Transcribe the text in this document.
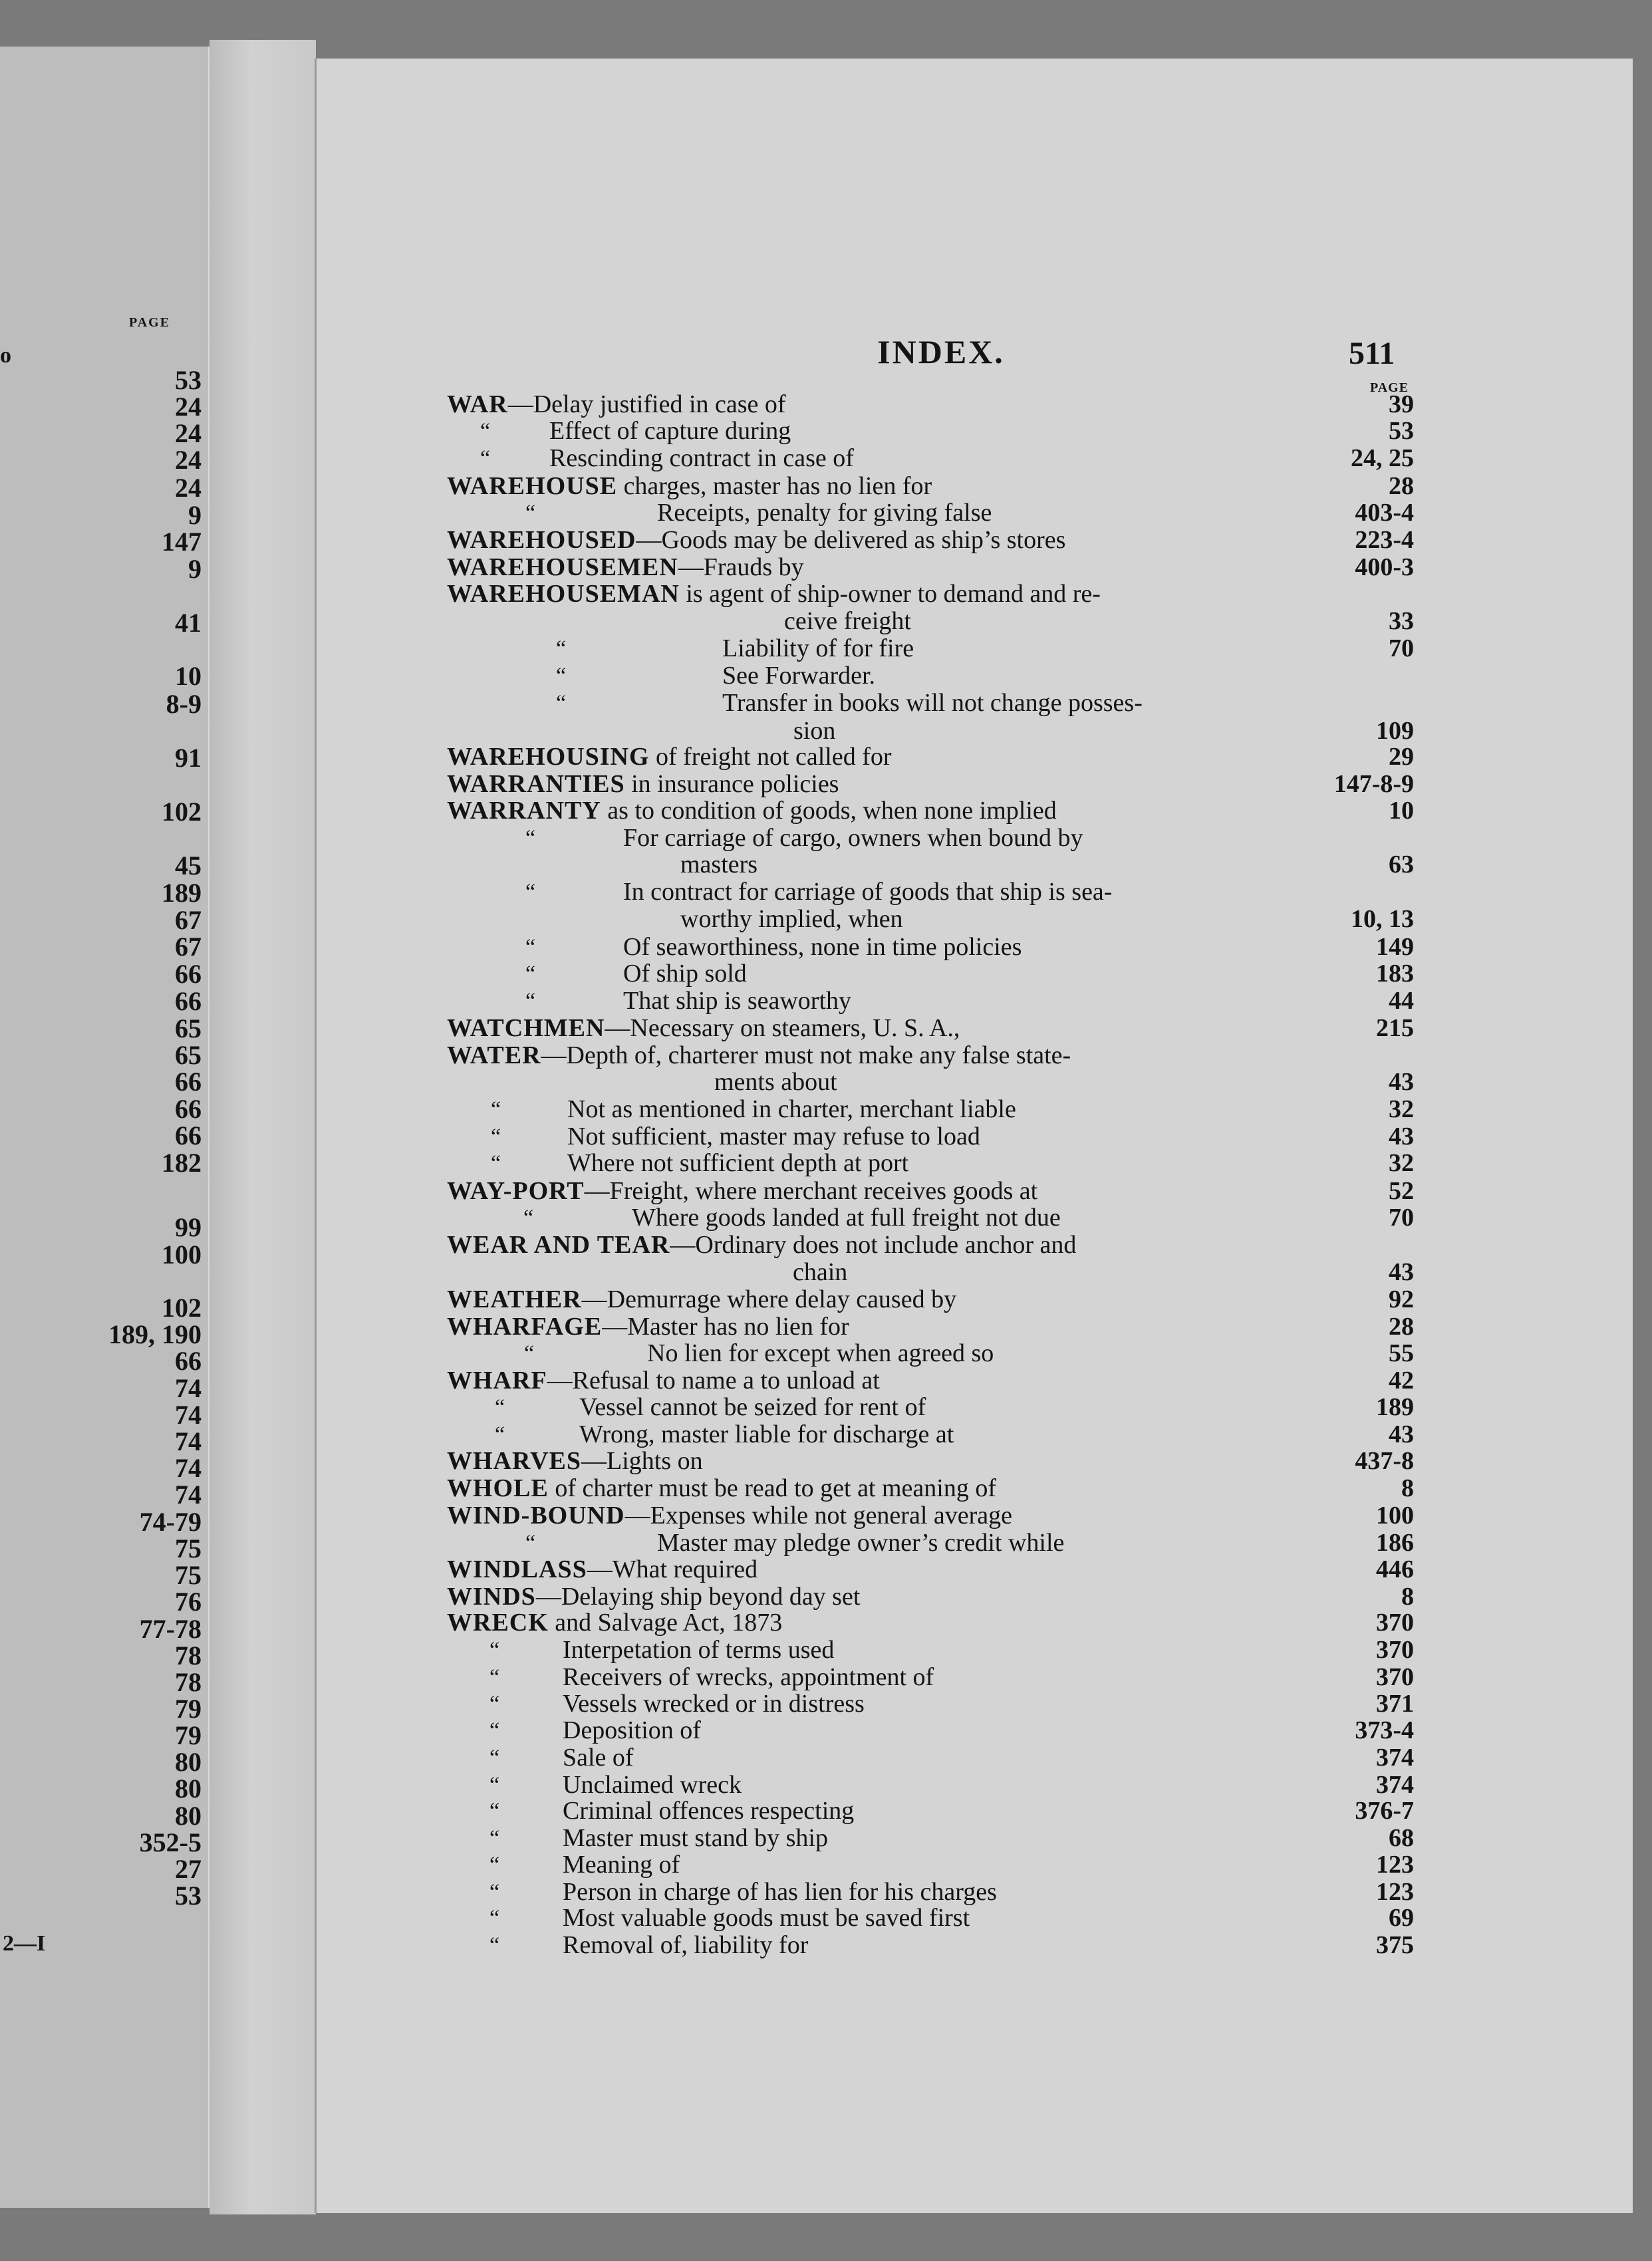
PAGE
o
53
24
24
24
24
9
147
9
41
10
8-9
91
102
45
189
67
67
66
66
65
65
66
66
66
182
99
100
102
189, 190
66
74
74
74
74
74
74-79
75
75
76
77-78
78
78
79
79
80
80
80
352-5
27
53
2—I
INDEX.	511
PAGE
WAR—Delay justified in case of	39
“ Effect of capture during	53
“ Rescinding contract in case of	24, 25
WAREHOUSE charges, master has no lien for	28
“	Receipts, penalty for giving false	403-4
WAREHOUSED—Goods may be delivered as ship’s stores	223-4
WAREHOUSEMEN—Frauds by	400-3
WAREHOUSEMAN is agent of ship-owner to demand and re-
ceive freight	33
“	Liability of for fire	70
“	See Forwarder.
“	Transfer in books will not change posses-
sion	109
WAREHOUSING of freight not called for	29
WARRANTIES in insurance policies	147-8-9
WARRANTY as to condition of goods, when none implied	10
“	For carriage of cargo, owners when bound by
masters	63
“	In contract for carriage of goods that ship is sea-
worthy implied, when	10, 13
“	Of seaworthiness, none in time policies	149
“	Of ship sold	183
“	That ship is seaworthy	44
WATCHMEN—Necessary on steamers, U. S. A.,	215
WATER—Depth of, charterer must not make any false state-
ments about	43
“	Not as mentioned in charter, merchant liable	32
“	Not sufficient, master may refuse to load	43
“	Where not sufficient depth at port	32
WAY-PORT—Freight, where merchant receives goods at	52
“	Where goods landed at full freight not due	70
WEAR AND TEAR—Ordinary does not include anchor and
chain	43
WEATHER—Demurrage where delay caused by	92
WHARFAGE—Master has no lien for	28
“	No lien for except when agreed so	55
WHARF—Refusal to name a to unload at	42
“	Vessel cannot be seized for rent of	189
“	Wrong, master liable for discharge at	43
WHARVES—Lights on	437-8
WHOLE of charter must be read to get at meaning of	8
WIND-BOUND—Expenses while not general average	100
“	Master may pledge owner’s credit while	186
WINDLASS—What required	446
WINDS—Delaying ship beyond day set	8
WRECK and Salvage Act, 1873	370
“ Interpetation of terms used	370
“ Receivers of wrecks, appointment of	370
“ Vessels wrecked or in distress	371
“ Deposition of	373-4
“ Sale of	374
“ Unclaimed wreck	374
“ Criminal offences respecting	376-7
“ Master must stand by ship	68
“ Meaning of	123
“ Person in charge of has lien for his charges	123
“ Most valuable goods must be saved first	69
“ Removal of, liability for	375
